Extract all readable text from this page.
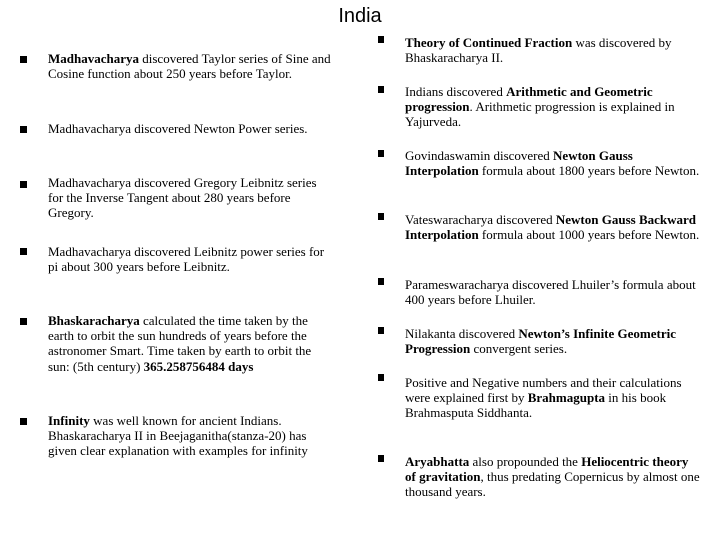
India
Madhavacharya discovered Taylor series of Sine and Cosine function about 250 years before Taylor.
Madhavacharya discovered Newton Power series.
Madhavacharya discovered Gregory Leibnitz series for the Inverse Tangent about 280 years before Gregory.
Madhavacharya discovered Leibnitz power series for pi about 300 years before Leibnitz.
Bhaskaracharya calculated the time taken by the earth to orbit the sun hundreds of years before the astronomer Smart. Time taken by earth to orbit the sun: (5th century) 365.258756484 days
Infinity was well known for ancient Indians. Bhaskaracharya II in Beejaganitha(stanza-20) has given clear explanation with examples for infinity
Theory of Continued Fraction was discovered by Bhaskaracharya II.
Indians discovered Arithmetic and Geometric progression. Arithmetic progression is explained in Yajurveda.
Govindaswamin discovered Newton Gauss Interpolation formula about 1800 years before Newton.
Vateswaracharya discovered Newton Gauss Backward Interpolation formula about 1000 years before Newton.
Parameswaracharya discovered Lhuiler’s formula about 400 years before Lhuiler.
Nilakanta discovered Newton’s Infinite Geometric Progression convergent series.
Positive and Negative numbers and their calculations were explained first by Brahmagupta in his book Brahmasputa Siddhanta.
Aryabhatta also propounded the Heliocentric theory of gravitation, thus predating Copernicus by almost one thousand years.
